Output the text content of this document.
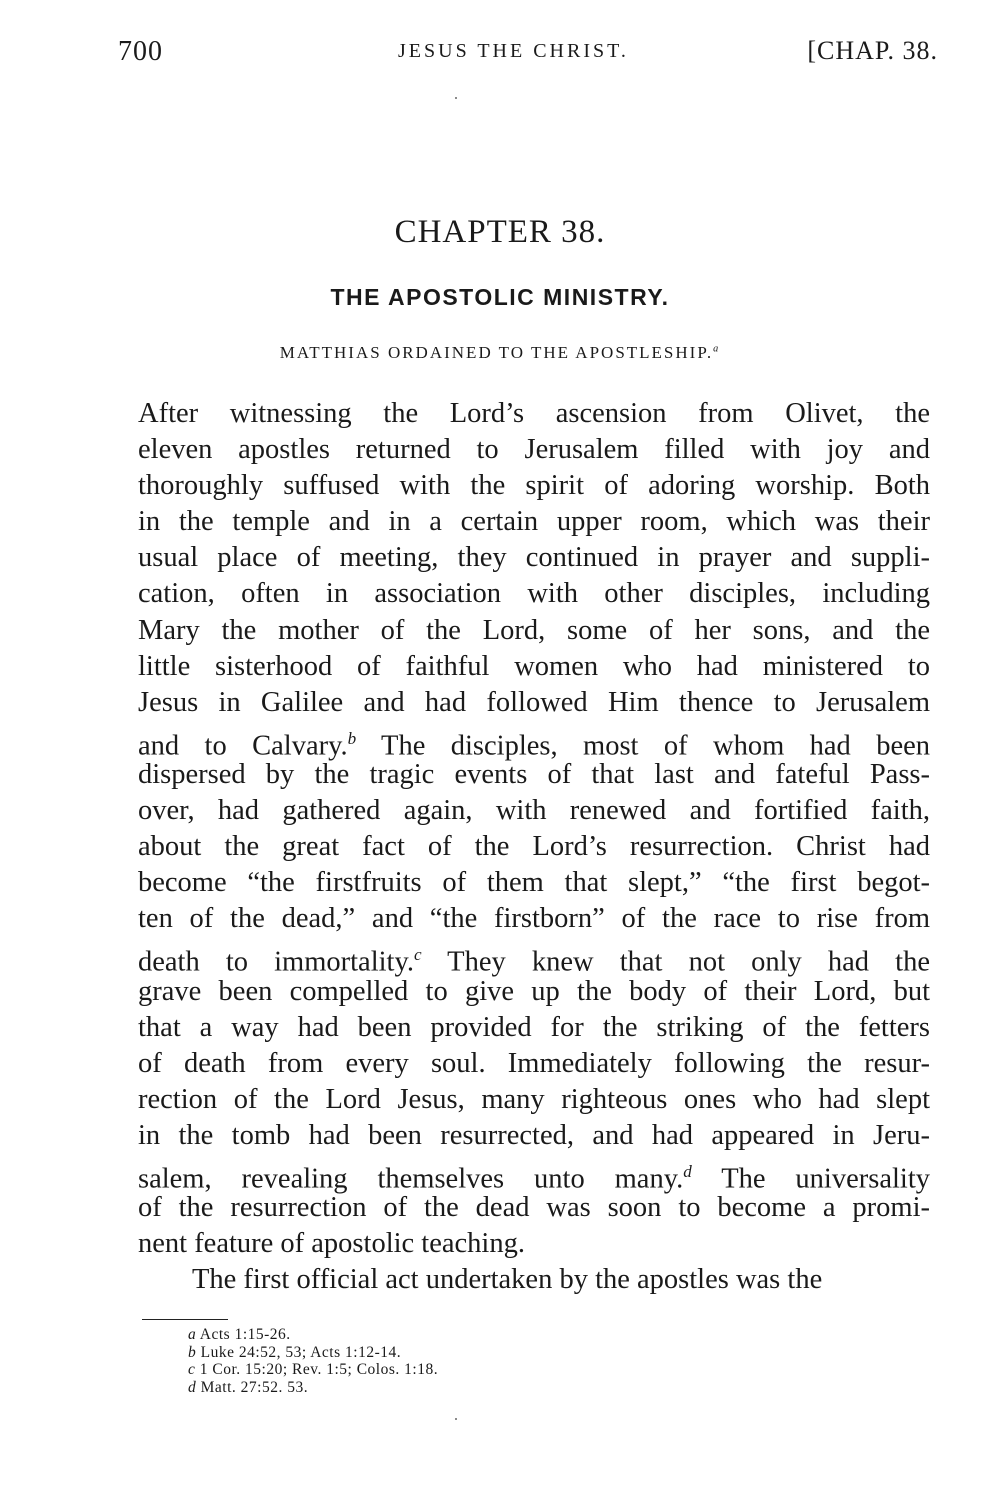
700	JESUS THE CHRIST.	[CHAP. 38.
CHAPTER 38.
THE APOSTOLIC MINISTRY.
MATTHIAS ORDAINED TO THE APOSTLESHIP.$^a$
After witnessing the Lord’s ascension from Olivet, the
eleven apostles returned to Jerusalem filled with joy and
thoroughly suffused with the spirit of adoring worship. Both
in the temple and in a certain upper room, which was their
usual place of meeting, they continued in prayer and suppli-
cation, often in association with other disciples, including
Mary the mother of the Lord, some of her sons, and the
little sisterhood of faithful women who had ministered to
Jesus in Galilee and had followed Him thence to Jerusalem
and to Calvary.$^b$ The disciples, most of whom had been
dispersed by the tragic events of that last and fateful Pass-
over, had gathered again, with renewed and fortified faith,
about the great fact of the Lord’s resurrection. Christ had
become “the firstfruits of them that slept,” “the first begot-
ten of the dead,” and “the firstborn” of the race to rise from
death to immortality.$^c$ They knew that not only had the
grave been compelled to give up the body of their Lord, but
that a way had been provided for the striking of the fetters
of death from every soul. Immediately following the resur-
rection of the Lord Jesus, many righteous ones who had slept
in the tomb had been resurrected, and had appeared in Jeru-
salem, revealing themselves unto many.$^d$ The universality
of the resurrection of the dead was soon to become a promi-
nent feature of apostolic teaching.
The first official act undertaken by the apostles was the
a Acts 1:15-26.
b Luke 24:52, 53; Acts 1:12-14.
c 1 Cor. 15:20; Rev. 1:5; Colos. 1:18.
d Matt. 27:52. 53.
